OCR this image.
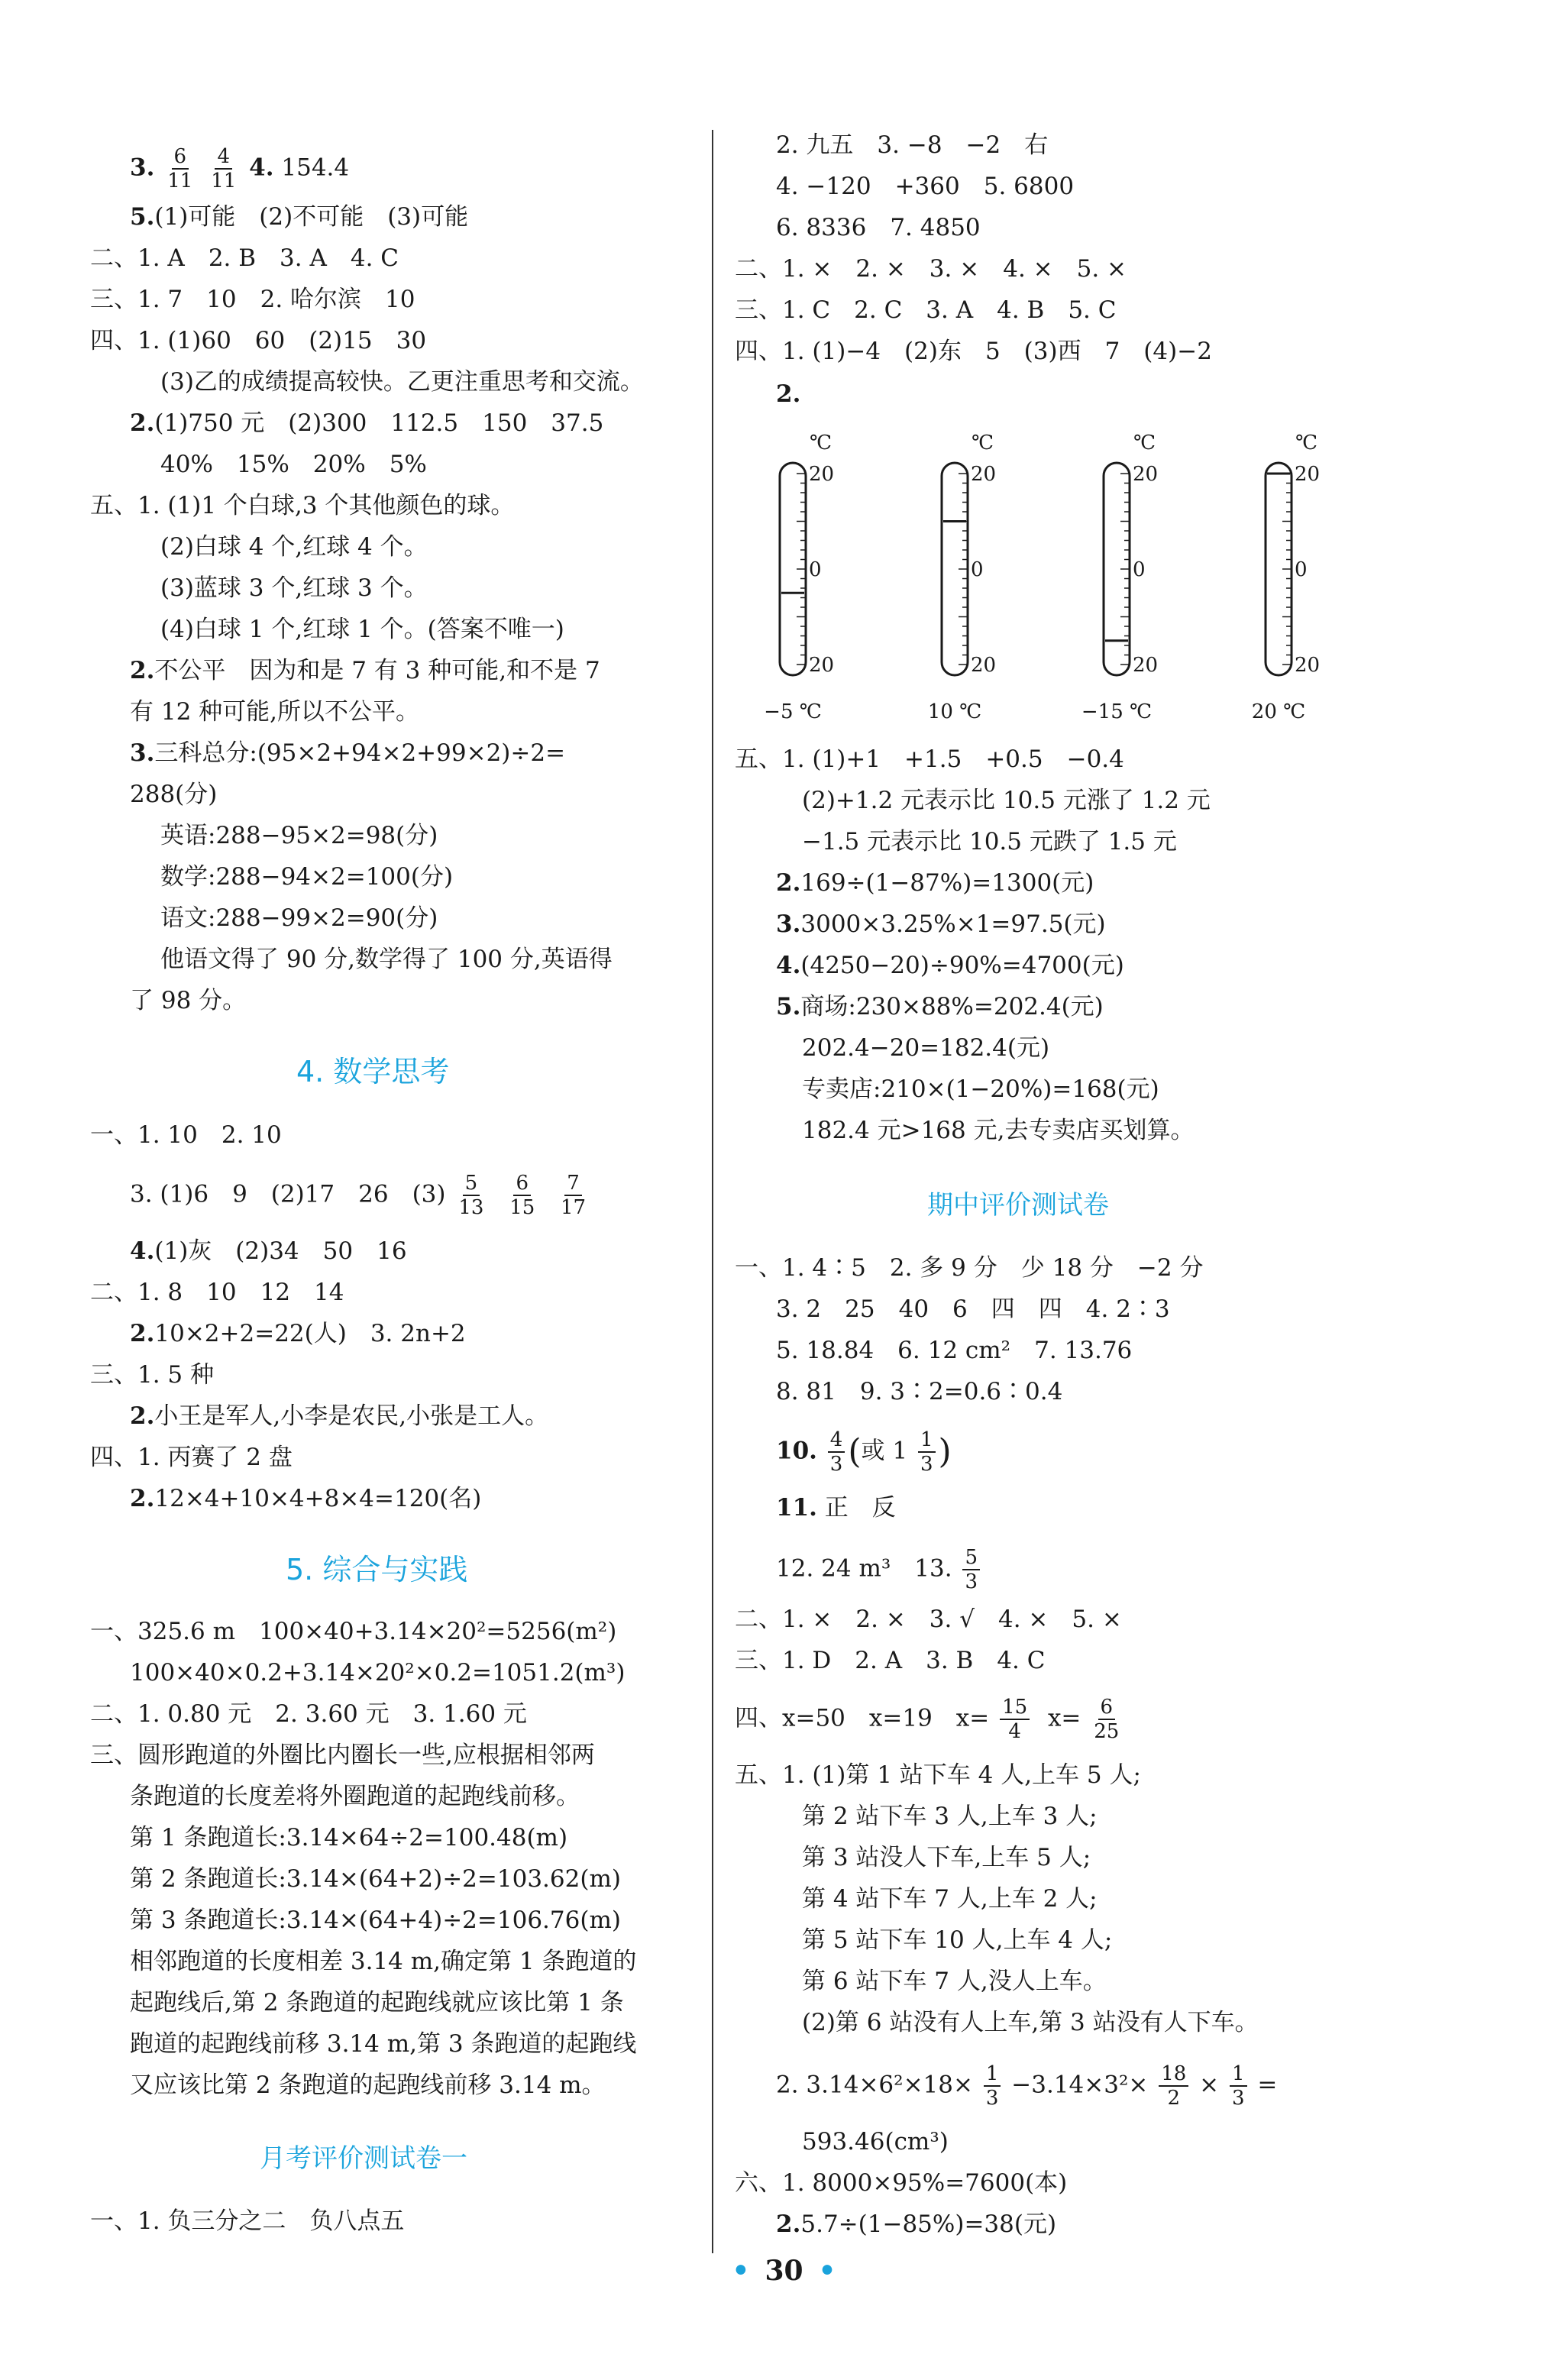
3. $\frac{6}{11}$
$\frac{4}{11} 4$. 154.4
5.(1)可能　(2)不可能　(3)可能
二、1. A　2. B　3. A　4. C
三、1. 7　10　2. 哈尔滨　10
四、1. (1)60　60　(2)15　30
(3)乙的成绩提高较快。乙更注重思考和交流。
2.(1)750 元　(2)300　112.5　150　37.5
40%　15%　20%　5%
五、1. (1)1 个白球,3 个其他颜色的球。
(2)白球 4 个,红球 4 个。
(3)蓝球 3 个,红球 3 个。
(4)白球 1 个,红球 1 个。(答案不唯一)
2.不公平　因为和是 7 有 3 种可能,和不是 7
有 12 种可能,所以不公平。
3.三科总分:(95×2+94×2+99×2)÷2=
288(分)
英语:288−95×2=98(分)
数学:288−94×2=100(分)
语文:288−99×2=90(分)
他语文得了 90 分,数学得了 100 分,英语得
了 98 分。
4. 数学思考
一、1. 10　2. 10
3. (1)6　9　(2)17　26　$(3) \frac{5}{13}$
$\frac{6}{15}$
$\frac{7}{17}$
4.(1)灰　(2)34　50　16
二、1. 8　10　12　14
2.10×2+2=22(人)　3. 2n+2
三、1. 5 种
2.小王是军人,小李是农民,小张是工人。
四、1. 丙赛了 2 盘
2.12×4+10×4+8×4=120(名)
5. 综合与实践
一、325.6 m　100×40+3.14×20²=5256(m²)
100×40×0.2+3.14×20²×0.2=1051.2(m³)
二、1. 0.80 元　2. 3.60 元　3. 1.60 元
三、圆形跑道的外圈比内圈长一些,应根据相邻两
条跑道的长度差将外圈跑道的起跑线前移。
第 1 条跑道长:3.14×64÷2=100.48(m)
第 2 条跑道长:3.14×(64+2)÷2=103.62(m)
第 3 条跑道长:3.14×(64+4)÷2=106.76(m)
相邻跑道的长度相差 3.14 m,确定第 1 条跑道的
起跑线后,第 2 条跑道的起跑线就应该比第 1 条
跑道的起跑线前移 3.14 m,第 3 条跑道的起跑线
又应该比第 2 条跑道的起跑线前移 3.14 m。
月考评价测试卷一
一、1. 负三分之二　负八点五
2. 九五　3. −8　−2　右
4. −120　+360　5. 6800
6. 8336　7. 4850
二、1. ×　2. ×　3. ×　4. ×　5. ×
三、1. C　2. C　3. A　4. B　5. C
四、1. (1)−4　(2)东　5　(3)西　7　(4)−2
2.
℃
20
0
20
−5 ℃
℃
20
0
20
10 ℃
℃
20
0
20
−15 ℃
℃
20
0
20
20 ℃
五、1. (1)+1　+1.5　+0.5　−0.4
(2)+1.2 元表示比 10.5 元涨了 1.2 元
−1.5 元表示比 10.5 元跌了 1.5 元
2.169÷(1−87%)=1300(元)
3.3000×3.25%×1=97.5(元)
4.(4250−20)÷90%=4700(元)
5.商场:230×88%=202.4(元)
202.4−20=182.4(元)
专卖店:210×(1−20%)=168(元)
182.4 元>168 元,去专卖店买划算。
期中评价测试卷
一、1. 4∶5　2. 多 9 分　少 18 分　−2 分
3. 2　25　40　6　四　四　4. 2∶3
5. 18.84　6. 12 cm²　7. 13.76
8. 81　9. 3∶2=0.6∶0.4
10. $\frac{4}{3}$ (或 $1 \frac{1}{3}$ )
11. 正　反
12. 24 m³　13. $\frac{5}{3}$
二、1. ×　2. ×　3. √　4. ×　5. ×
三、1. D　2. A　3. B　4. C
四、x=50　x=19　$x= \frac{15}{4} x= \frac{6}{25}$
五、1. (1)第 1 站下车 4 人,上车 5 人;
第 2 站下车 3 人,上车 3 人;
第 3 站没人下车,上车 5 人;
第 4 站下车 7 人,上车 2 人;
第 5 站下车 10 人,上车 4 人;
第 6 站下车 7 人,没人上车。
(2)第 6 站没有人上车,第 3 站没有人下车。
2. $3.14\times 6^2\times 18\times \frac{1}{3} -3.14\times 3^2\times \frac{18}{2} \times \frac{1}{3}$ =
593.46(cm³)
六、1. 8000×95%=7600(本)
2.5.7÷(1−85%)=38(元)
• 30 •
